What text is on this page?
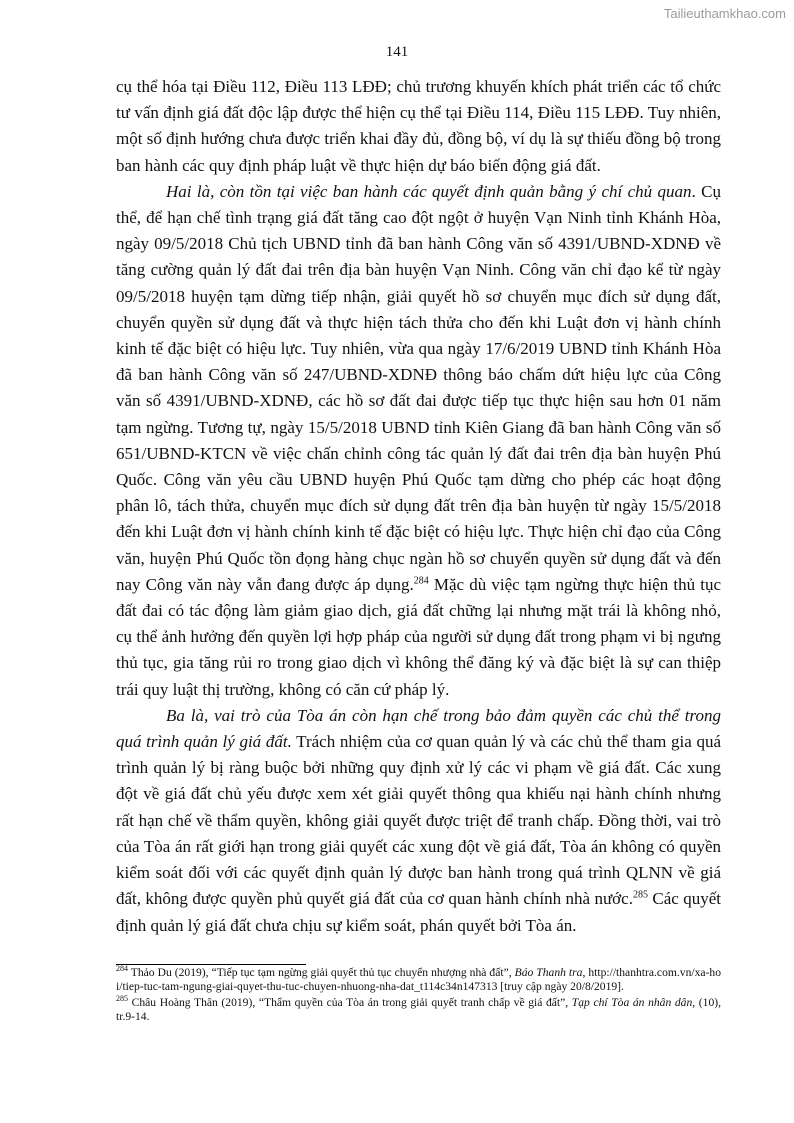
Tailieuthamkhao.com
141

cụ thể hóa tại Điều 112, Điều 113 LĐĐ; chủ trương khuyến khích phát triển các tổ chức tư vấn định giá đất độc lập được thể hiện cụ thể tại Điều 114, Điều 115 LĐĐ. Tuy nhiên, một số định hướng chưa được triển khai đầy đủ, đồng bộ, ví dụ là sự thiếu đồng bộ trong ban hành các quy định pháp luật về thực hiện dự báo biến động giá đất.

Hai là, còn tồn tại việc ban hành các quyết định quản bằng ý chí chủ quan. Cụ thể, để hạn chế tình trạng giá đất tăng cao đột ngột ở huyện Vạn Ninh tỉnh Khánh Hòa, ngày 09/5/2018 Chủ tịch UBND tỉnh đã ban hành Công văn số 4391/UBND-XDNĐ về tăng cường quản lý đất đai trên địa bàn huyện Vạn Ninh. Công văn chỉ đạo kể từ ngày 09/5/2018 huyện tạm dừng tiếp nhận, giải quyết hồ sơ chuyển mục đích sử dụng đất, chuyển quyền sử dụng đất và thực hiện tách thửa cho đến khi Luật đơn vị hành chính kinh tế đặc biệt có hiệu lực. Tuy nhiên, vừa qua ngày 17/6/2019 UBND tỉnh Khánh Hòa đã ban hành Công văn số 247/UBND-XDNĐ thông báo chấm dứt hiệu lực của Công văn số 4391/UBND-XDNĐ, các hồ sơ đất đai được tiếp tục thực hiện sau hơn 01 năm tạm ngừng. Tương tự, ngày 15/5/2018 UBND tỉnh Kiên Giang đã ban hành Công văn số 651/UBND-KTCN về việc chấn chỉnh công tác quản lý đất đai trên địa bàn huyện Phú Quốc. Công văn yêu cầu UBND huyện Phú Quốc tạm dừng cho phép các hoạt động phân lô, tách thửa, chuyển mục đích sử dụng đất trên địa bàn huyện từ ngày 15/5/2018 đến khi Luật đơn vị hành chính kinh tế đặc biệt có hiệu lực. Thực hiện chỉ đạo của Công văn, huyện Phú Quốc tồn đọng hàng chục ngàn hồ sơ chuyển quyền sử dụng đất và đến nay Công văn này vẫn đang được áp dụng.$^{284}$ Mặc dù việc tạm ngừng thực hiện thủ tục đất đai có tác động làm giảm giao dịch, giá đất chững lại nhưng mặt trái là không nhỏ, cụ thể ảnh hưởng đến quyền lợi hợp pháp của người sử dụng đất trong phạm vi bị ngưng thủ tục, gia tăng rủi ro trong giao dịch vì không thể đăng ký và đặc biệt là sự can thiệp trái quy luật thị trường, không có căn cứ pháp lý.

Ba là, vai trò của Tòa án còn hạn chế trong bảo đảm quyền các chủ thể trong quá trình quản lý giá đất. Trách nhiệm của cơ quan quản lý và các chủ thể tham gia quá trình quản lý bị ràng buộc bởi những quy định xử lý các vi phạm về giá đất. Các xung đột về giá đất chủ yếu được xem xét giải quyết thông qua khiếu nại hành chính nhưng rất hạn chế về thẩm quyền, không giải quyết được triệt để tranh chấp. Đồng thời, vai trò của Tòa án rất giới hạn trong giải quyết các xung đột về giá đất, Tòa án không có quyền kiểm soát đối với các quyết định quản lý được ban hành trong quá trình QLNN về giá đất, không được quyền phủ quyết giá đất của cơ quan hành chính nhà nước.$^{285}$ Các quyết định quản lý giá đất chưa chịu sự kiểm soát, phán quyết bởi Tòa án.

$^{284}$ Thảo Du (2019), “Tiếp tục tạm ngừng giải quyết thủ tục chuyển nhượng nhà đất”, Báo Thanh tra, http://thanhtra.com.vn/xa-hoi/tiep-tuc-tam-ngung-giai-quyet-thu-tuc-chuyen-nhuong-nha-dat_t114c34n147313 [truy cập ngày 20/8/2019].

$^{285}$ Châu Hoàng Thân (2019), “Thẩm quyền của Tòa án trong giải quyết tranh chấp về giá đất”, Tạp chí Tòa án nhân dân, (10), tr.9-14.
